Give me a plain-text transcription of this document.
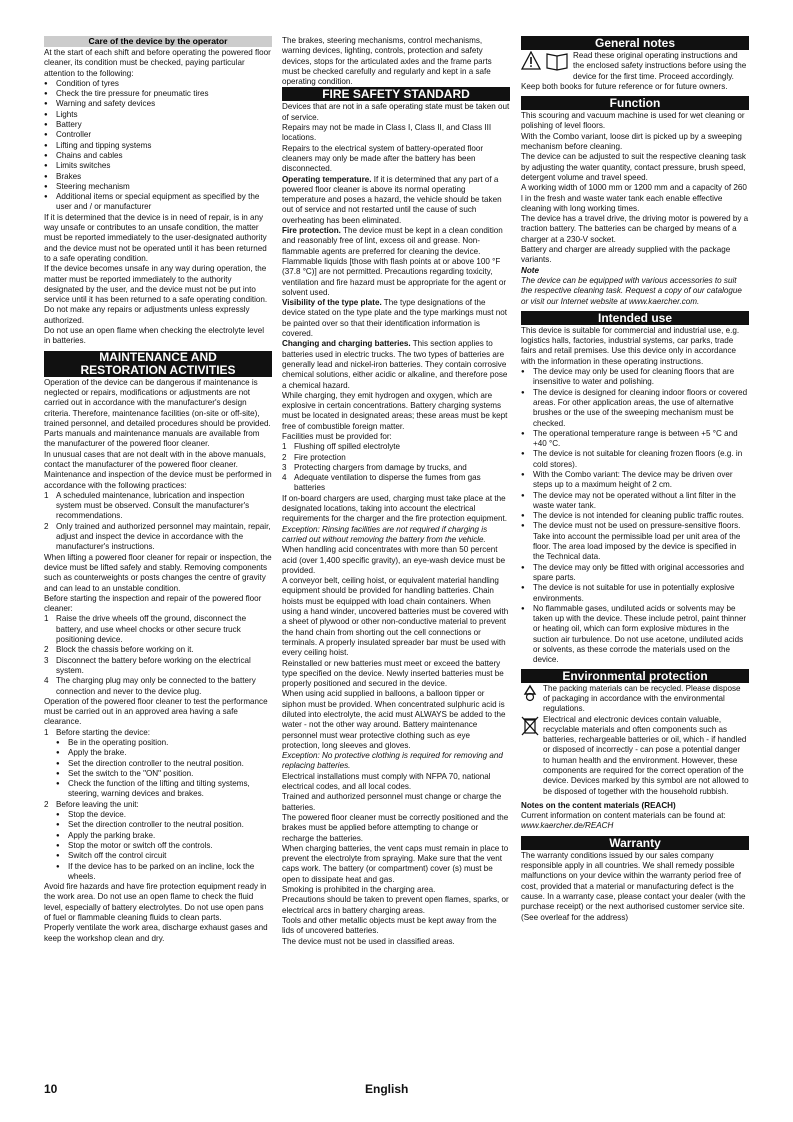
Care of the device by the operator

At the start of each shift and before operating the powered floor cleaner, its condition must be checked, paying particular attention to the following:

● Condition of tyres
● Check the tire pressure for pneumatic tires
● Warning and safety devices
● Lights
● Battery
● Controller
● Lifting and tipping systems
● Chains and cables
● Limits switches
● Brakes
● Steering mechanism
● Additional items or special equipment as specified by the user and / or manufacturer

If it is determined that the device is in need of repair, is in any way unsafe or contributes to an unsafe condition, the matter must be reported immediately to the user-designated authority and the device must not be operated until it has been returned to a safe operating condition.

If the device becomes unsafe in any way during operation, the matter must be reported immediately to the authority designated by the user, and the device must not be put into service until it has been returned to a safe operating condition.

Do not make any repairs or adjustments unless expressly authorized.

Do not use an open flame when checking the electrolyte level in batteries.

MAINTENANCE AND
RESTORATION ACTIVITIES

Operation of the device can be dangerous if maintenance is neglected or repairs, modifications or adjustments are not carried out in accordance with the manufacturer's design criteria. Therefore, maintenance facilities (on-site or off-site), trained personnel, and detailed procedures should be provided.

Parts manuals and maintenance manuals are available from the manufacturer of the powered floor cleaner.

In unusual cases that are not dealt with in the above manuals, contact the manufacturer of the powered floor cleaner. Maintenance and inspection of the device must be performed in accordance with the following practices:

1 A scheduled maintenance, lubrication and inspection system must be observed. Consult the manufacturer's recommendations.
2 Only trained and authorized personnel may maintain, repair, adjust and inspect the device in accordance with the manufacturer's instructions.

When lifting a powered floor cleaner for repair or inspection, the device must be lifted safely and stably. Removing components such as counterweights or posts changes the centre of gravity and can lead to an unstable condition.

Before starting the inspection and repair of the powered floor cleaner:

1 Raise the drive wheels off the ground, disconnect the battery, and use wheel chocks or other secure truck positioning device.
2 Block the chassis before working on it.
3 Disconnect the battery before working on the electrical system.
4 The charging plug may only be connected to the battery connection and never to the device plug.

Operation of the powered floor cleaner to test the performance must be carried out in an approved area having a safe clearance.

1 Before starting the device:
● Be in the operating position.
● Apply the brake.
● Set the direction controller to the neutral position.
● Set the switch to the "ON" position.
● Check the function of the lifting and tilting systems, steering, warning devices and brakes.
2 Before leaving the unit:
● Stop the device.
● Set the direction controller to the neutral position.
● Apply the parking brake.
● Stop the motor or switch off the controls.
● Switch off the control circuit
● If the device has to be parked on an incline, lock the wheels.

Avoid fire hazards and have fire protection equipment ready in the work area. Do not use an open flame to check the fluid level, especially of battery electrolytes. Do not use open pans of fuel or flammable cleaning fluids to clean parts.

Properly ventilate the work area, discharge exhaust gases and keep the workshop clean and dry.

The brakes, steering mechanisms, control mechanisms, warning devices, lighting, controls, protection and safety devices, stops for the articulated axles and the frame parts must be checked carefully and regularly and kept in a safe operating condition.

FIRE SAFETY STANDARD

Devices that are not in a safe operating state must be taken out of service.

Repairs may not be made in Class I, Class II, and Class III locations.

Repairs to the electrical system of battery-operated floor cleaners may only be made after the battery has been disconnected.

Operating temperature. If it is determined that any part of a powered floor cleaner is above its normal operating temperature and poses a hazard, the vehicle should be taken out of service and not restarted until the cause of such overheating has been eliminated.

Fire protection. The device must be kept in a clean condition and reasonably free of lint, excess oil and grease. Non-flammable agents are preferred for cleaning the device. Flammable liquids [those with flash points at or above 100 °F (37.8 °C)] are not permitted. Precautions regarding toxicity, ventilation and fire hazard must be appropriate for the agent or solvent used.

Visibility of the type plate. The type designations of the device stated on the type plate and the type markings must not be painted over so that their identification information is covered.

Changing and charging batteries. This section applies to batteries used in electric trucks. The two types of batteries are generally lead and nickel-iron batteries. They contain corrosive chemical solutions, either acidic or alkaline, and therefore pose a chemical hazard.

While charging, they emit hydrogen and oxygen, which are explosive in certain concentrations. Battery charging systems must be located in designated areas; these areas must be kept free of combustible foreign matter.

Facilities must be provided for:

1 Flushing off spilled electrolyte
2 Fire protection
3 Protecting chargers from damage by trucks, and
4 Adequate ventilation to disperse the fumes from gas batteries

If on-board chargers are used, charging must take place at the designated locations, taking into account the electrical requirements for the charger and the fire protection equipment.

Exception: Rinsing facilities are not required if charging is carried out without removing the battery from the vehicle.

When handling acid concentrates with more than 50 percent acid (over 1,400 specific gravity), an eye-wash device must be provided.

A conveyor belt, ceiling hoist, or equivalent material handling equipment should be provided for handling batteries. Chain hoists must be equipped with load chain containers. When using a hand winder, uncovered batteries must be covered with a sheet of plywood or other non-conductive material to prevent the hand chain from shorting out the cell connections or terminals. A properly insulated spreader bar must be used with every ceiling hoist.

Reinstalled or new batteries must meet or exceed the battery type specified on the device. Newly inserted batteries must be properly positioned and secured in the device.

When using acid supplied in balloons, a balloon tipper or siphon must be provided. When concentrated sulphuric acid is diluted into electrolyte, the acid must ALWAYS be added to the water - not the other way around. Battery maintenance personnel must wear protective clothing such as eye protection, long sleeves and gloves.

Exception: No protective clothing is required for removing and replacing batteries.

Electrical installations must comply with NFPA 70, national electrical codes, and all local codes.

Trained and authorized personnel must change or charge the batteries.

The powered floor cleaner must be correctly positioned and the brakes must be applied before attempting to change or recharge the batteries.

When charging batteries, the vent caps must remain in place to prevent the electrolyte from spraying. Make sure that the vent caps work. The battery (or compartment) cover (s) must be open to dissipate heat and gas.

Smoking is prohibited in the charging area.

Precautions should be taken to prevent open flames, sparks, or electrical arcs in battery charging areas.

Tools and other metallic objects must be kept away from the lids of uncovered batteries.

The device must not be used in classified areas.

General notes
Read these original operating instructions and the enclosed safety instructions before using the device for the first time. Proceed accordingly.

Keep both books for future reference or for future owners.

Function

This scouring and vacuum machine is used for wet cleaning or polishing of level floors.

With the Combo variant, loose dirt is picked up by a sweeping mechanism before cleaning.

The device can be adjusted to suit the respective cleaning task by adjusting the water quantity, contact pressure, brush speed, detergent volume and travel speed.

A working width of 1000 mm or 1200 mm and a capacity of 260 l in the fresh and waste water tank each enable effective cleaning with long working times.

The device has a travel drive, the driving motor is powered by a traction battery. The batteries can be charged by means of a charger at a 230-V socket.

Battery and charger are already supplied with the package variants.

Note

The device can be equipped with various accessories to suit the respective cleaning task. Request a copy of our catalogue or visit our Internet website at www.kaercher.com.

Intended use

This device is suitable for commercial and industrial use, e.g. logistics halls, factories, industrial systems, car parks, trade fairs and retail premises. Use this device only in accordance with the information in these operating instructions.

● The device may only be used for cleaning floors that are insensitive to water and polishing.
● The device is designed for cleaning indoor floors or covered areas. For other application areas, the use of alternative brushes or the use of the sweeping mechanism must be checked.
● The operational temperature range is between +5 °C and +40 °C.
● The device is not suitable for cleaning frozen floors (e.g. in cold stores).
● With the Combo variant: The device may be driven over steps up to a maximum height of 2 cm.
● The device may not be operated without a lint filter in the waste water tank.
● The device is not intended for cleaning public traffic routes.
● The device must not be used on pressure-sensitive floors. Take into account the permissible load per unit area of the floor. The area load imposed by the device is specified in the Technical data.
● The device may only be fitted with original accessories and spare parts.
● The device is not suitable for use in potentially explosive environments.
● No flammable gases, undiluted acids or solvents may be taken up with the device. These include petrol, paint thinner or heating oil, which can form explosive mixtures in the suction air turbulence. Do not use acetone, undiluted acids or solvents, as these corrode the materials used on the device.
Environmental protection
The packing materials can be recycled. Please dispose of packaging in accordance with the environmental regulations.
Electrical and electronic devices contain valuable, recyclable materials and often components such as batteries, rechargeable batteries or oil, which - if handled or disposed of incorrectly - can pose a potential danger to human health and the environment. However, these components are required for the correct operation of the device. Devices marked by this symbol are not allowed to be disposed of together with the household rubbish.

Notes on the content materials (REACH)

Current information on content materials can be found at: www.kaercher.de/REACH

Warranty

The warranty conditions issued by our sales company responsible apply in all countries. We shall remedy possible malfunctions on your device within the warranty period free of cost, provided that a material or manufacturing defect is the cause. In a warranty case, please contact your dealer (with the purchase receipt) or the next authorised customer service site.

(See overleaf for the address)

10	English
